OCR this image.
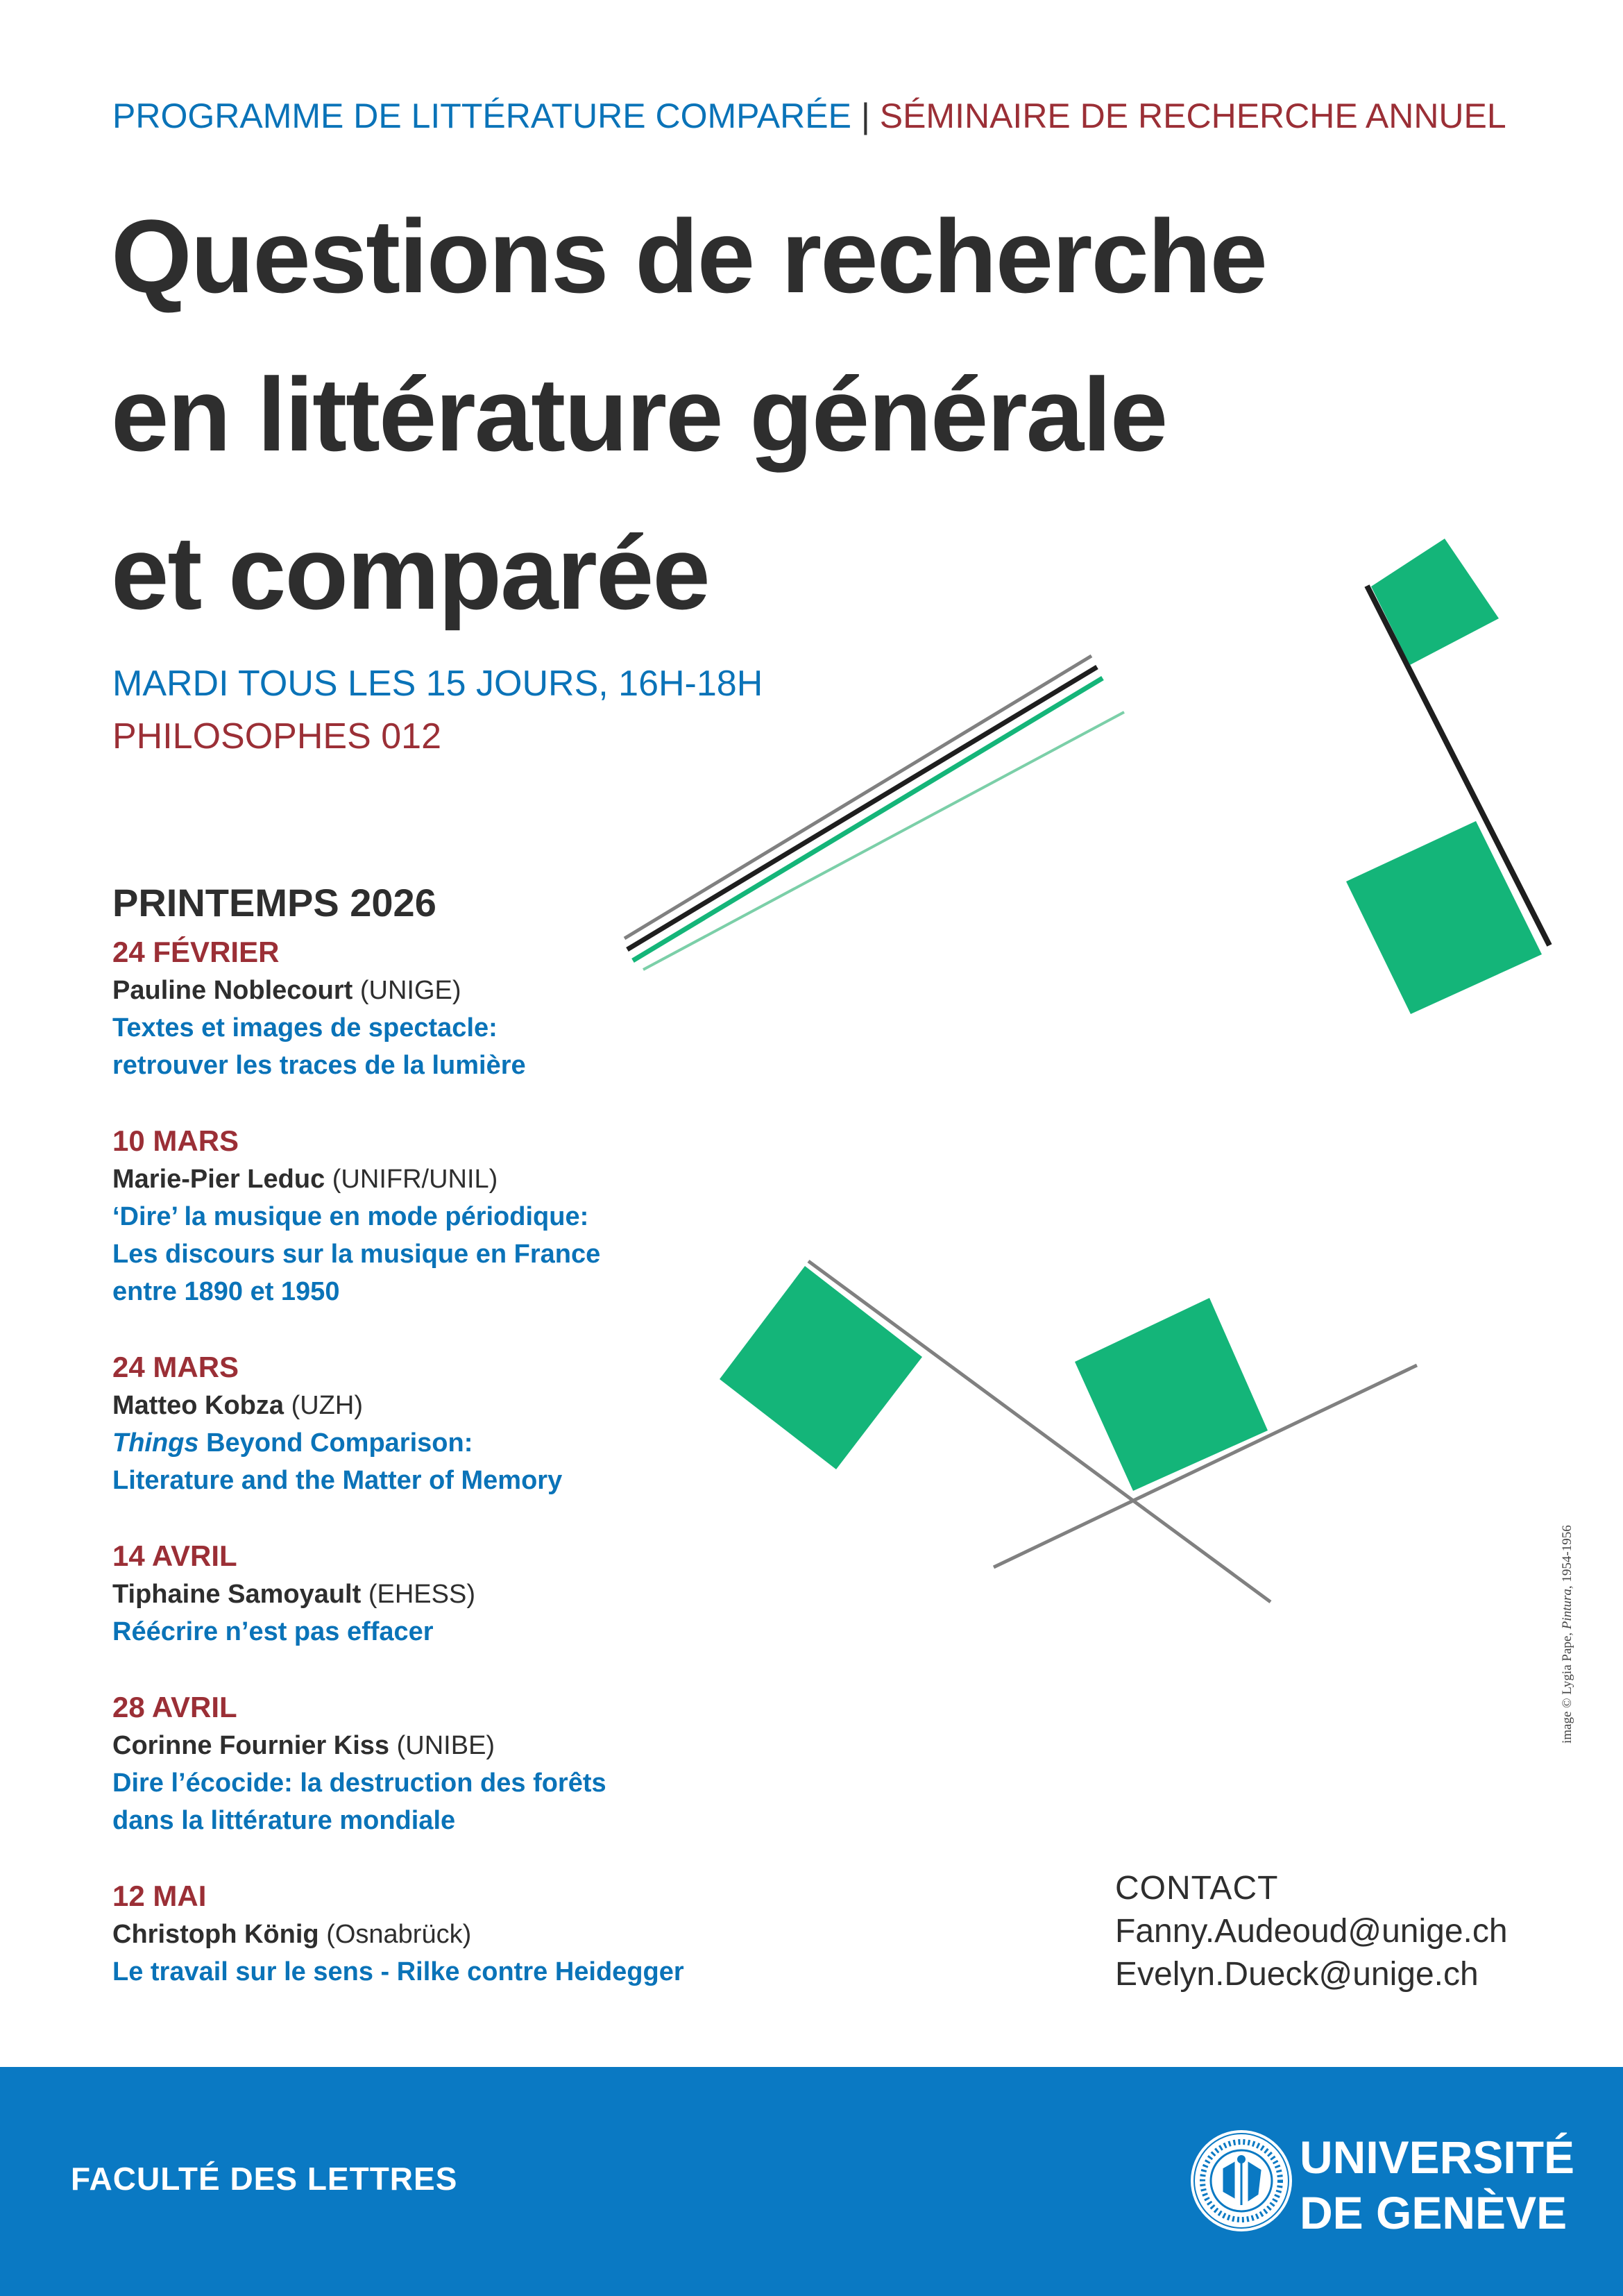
PROGRAMME DE LITTÉRATURE COMPARÉE | SÉMINAIRE DE RECHERCHE ANNUEL
Questions de recherche
en littérature générale
et comparée
MARDI TOUS LES 15 JOURS, 16H-18H
PHILOSOPHES 012
PRINTEMPS 2026
24 FÉVRIER
Pauline Noblecourt (UNIGE)
Textes et images de spectacle:
retrouver les traces de la lumière
10 MARS
Marie-Pier Leduc (UNIFR/UNIL)
‘Dire’ la musique en mode périodique:
Les discours sur la musique en France
entre 1890 et 1950
24 MARS
Matteo Kobza (UZH)
Things Beyond Comparison:
Literature and the Matter of Memory
14 AVRIL
Tiphaine Samoyault (EHESS)
Réécrire n’est pas effacer
28 AVRIL
Corinne Fournier Kiss (UNIBE)
Dire l’écocide: la destruction des forêts
dans la littérature mondiale
12 MAI
Christoph König (Osnabrück)
Le travail sur le sens - Rilke contre Heidegger
image © Lygia Pape, Pintura, 1954-1956
CONTACT
Fanny.Audeoud@unige.ch
Evelyn.Dueck@unige.ch
FACULTÉ DES LETTRES	UNIVERSITÉ
DE GENÈVE
